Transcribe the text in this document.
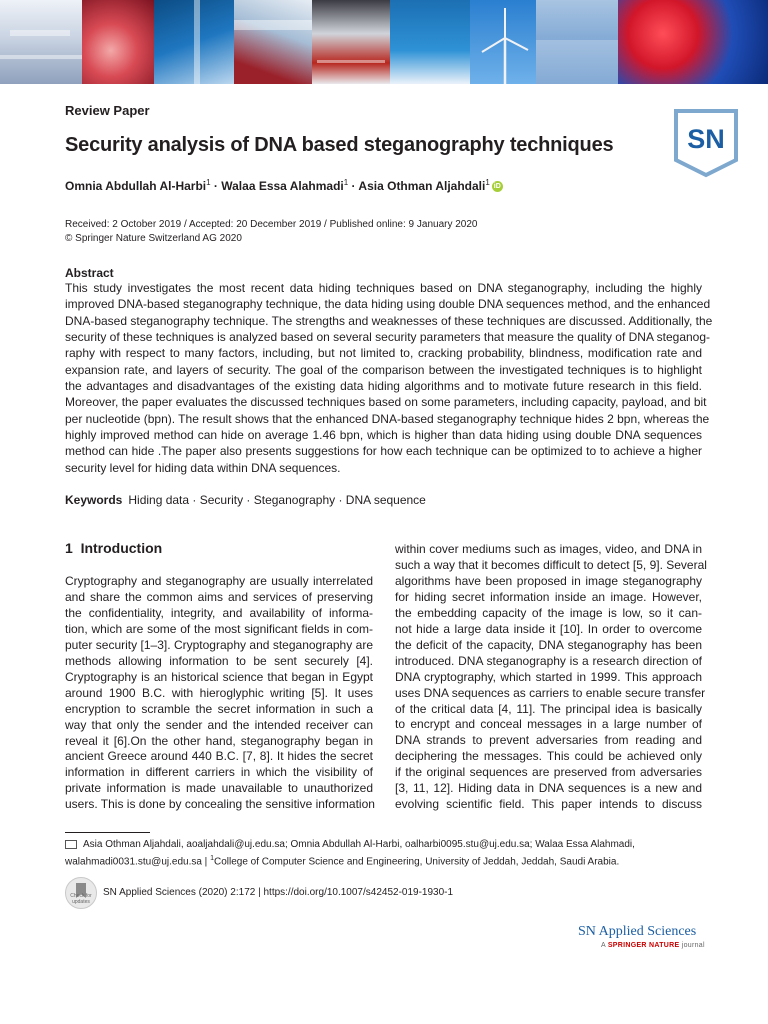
Review Paper
Security analysis of DNA based steganography techniques
Omnia Abdullah Al-Harbi$^1$ · Walaa Essa Alahmadi$^1$ · Asia Othman Aljahdali$^1$ iD
Received: 2 October 2019 / Accepted: 20 December 2019 / Published online: 9 January 2020
© Springer Nature Switzerland AG 2020
SN
Abstract
This study investigates the most recent data hiding techniques based on DNA steganography, including the highly
improved DNA-based steganography technique, the data hiding using double DNA sequences method, and the enhanced
DNA-based steganography technique. The strengths and weaknesses of these techniques are discussed. Additionally, the
security of these techniques is analyzed based on several security parameters that measure the quality of DNA steganog-
raphy with respect to many factors, including, but not limited to, cracking probability, blindness, modification rate and
expansion rate, and layers of security. The goal of the comparison between the investigated techniques is to highlight
the advantages and disadvantages of the existing data hiding algorithms and to motivate future research in this field.
Moreover, the paper evaluates the discussed techniques based on some parameters, including capacity, payload, and bit
per nucleotide (bpn). The result shows that the enhanced DNA-based steganography technique hides 2 bpn, whereas the
highly improved method can hide on average 1.46 bpn, which is higher than data hiding using double DNA sequences
method can hide .The paper also presents suggestions for how each technique can be optimized to to achieve a higher
security level for hiding data within DNA sequences.
Keywords Hiding data · Security · Steganography · DNA sequence
1  Introduction
Cryptography and steganography are usually interrelated
and share the common aims and services of preserving
the confidentiality, integrity, and availability of informa-
tion, which are some of the most significant fields in com-
puter security [1–3]. Cryptography and steganography are
methods allowing information to be sent securely [4].
Cryptography is an historical science that began in Egypt
around 1900 B.C. with hieroglyphic writing [5]. It uses
encryption to scramble the secret information in such a
way that only the sender and the intended receiver can
reveal it [6].On the other hand, steganography began in
ancient Greece around 440 B.C. [7, 8]. It hides the secret
information in different carriers in which the visibility of
private information is made unavailable to unauthorized
users. This is done by concealing the sensitive information
within cover mediums such as images, video, and DNA in
such a way that it becomes difficult to detect [5, 9]. Several
algorithms have been proposed in image steganography
for hiding secret information inside an image. However,
the embedding capacity of the image is low, so it can-
not hide a large data inside it [10]. In order to overcome
the deficit of the capacity, DNA steganography has been
introduced. DNA steganography is a research direction of
DNA cryptography, which started in 1999. This approach
uses DNA sequences as carriers to enable secure transfer
of the critical data [4, 11]. The principal idea is basically
to encrypt and conceal messages in a large number of
DNA strands to prevent adversaries from reading and
deciphering the messages. This could be achieved only
if the original sequences are preserved from adversaries
[3, 11, 12]. Hiding data in DNA sequences is a new and
evolving scientific field. This paper intends to discuss
Asia Othman Aljahdali, aoaljahdali@uj.edu.sa; Omnia Abdullah Al-Harbi, oalharbi0095.stu@uj.edu.sa; Walaa Essa Alahmadi,
walahmadi0031.stu@uj.edu.sa | $^1$College of Computer Science and Engineering, University of Jeddah, Jeddah, Saudi Arabia.
Check for updates
SN Applied Sciences (2020) 2:172 | https://doi.org/10.1007/s42452-019-1930-1
SN Applied Sciences
A SPRINGER NATURE journal
